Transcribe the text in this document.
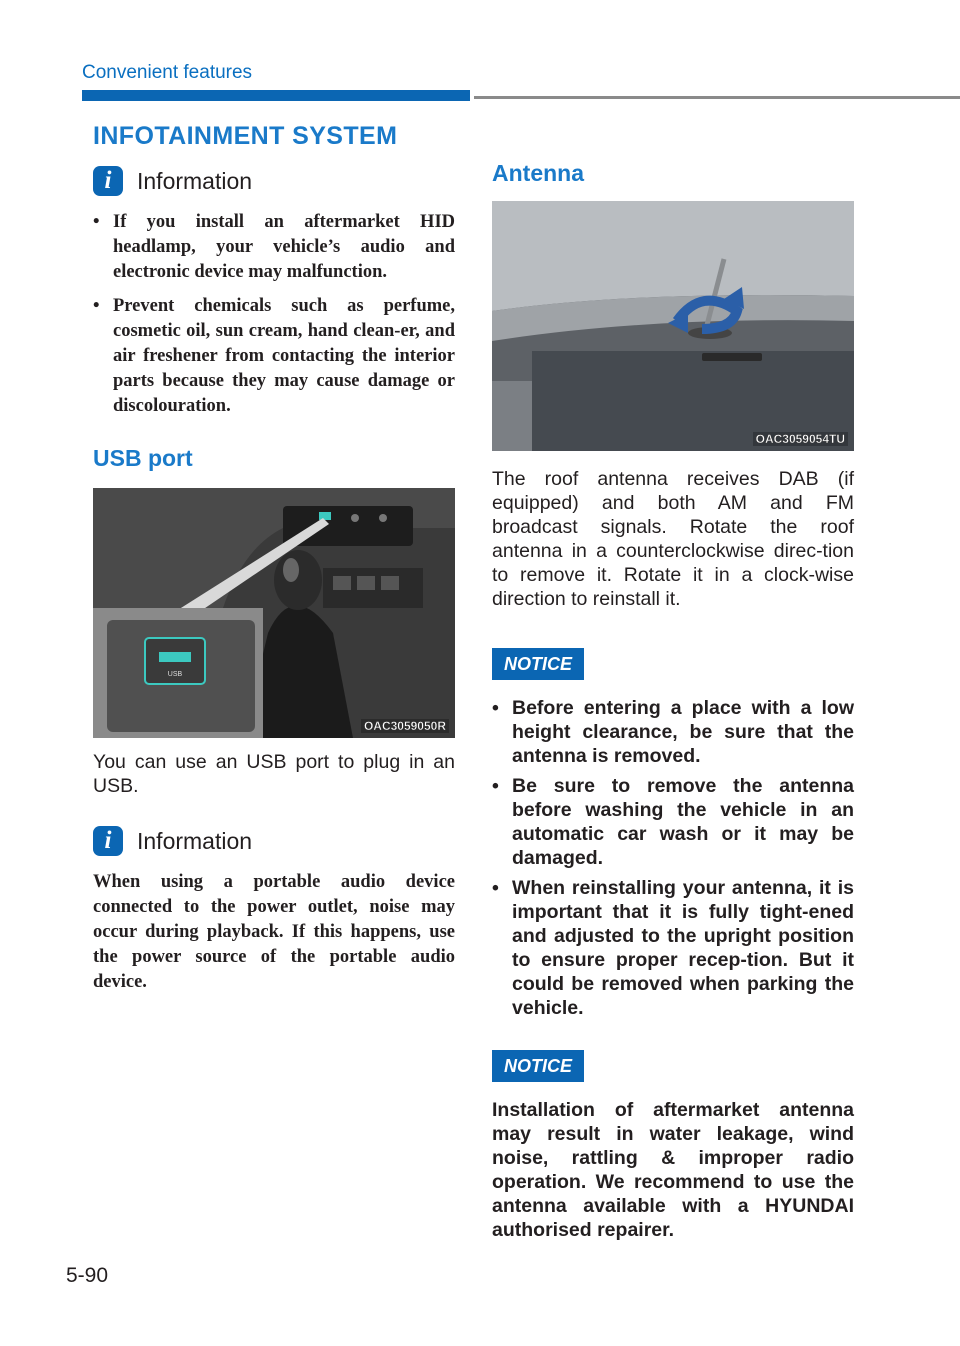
Convenient features
INFOTAINMENT SYSTEM
i	Information
• If you install an aftermarket HID headlamp, your vehicle’s audio and electronic device may malfunction.
• Prevent chemicals such as perfume, cosmetic oil, sun cream, hand clean-er, and air freshener from contacting the interior parts because they may cause damage or discolouration.
USB port
USB
OAC3059050R
You can use an USB port to plug in an USB.
i	Information
When using a portable audio device connected to the power outlet, noise may occur during playback. If this happens, use the power source of the portable audio device.
Antenna
OAC3059054TU
The roof antenna receives DAB (if equipped) and both AM and FM broadcast signals. Rotate the roof antenna in a counterclockwise direc-tion to remove it. Rotate it in a clock-wise direction to reinstall it.
NOTICE
• Before entering a place with a low height clearance, be sure that the antenna is removed.
• Be sure to remove the antenna before washing the vehicle in an automatic car wash or it may be damaged.
• When reinstalling your antenna, it is important that it is fully tight-ened and adjusted to the upright position to ensure proper recep-tion. But it could be removed when parking the vehicle.
NOTICE
Installation of aftermarket antenna may result in water leakage, wind noise, rattling & improper radio operation. We recommend to use the antenna available with a HYUNDAI authorised repairer.
5-90
